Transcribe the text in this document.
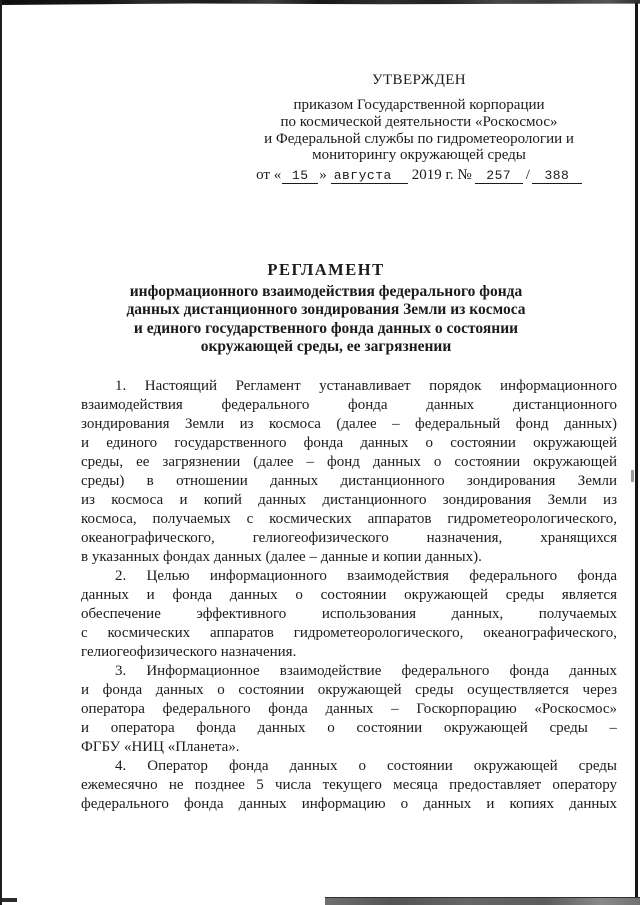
УТВЕРЖДЕН
приказом Государственной корпорации
по космической деятельности «Роскосмос»
и Федеральной службы по гидрометеорологии и
мониторингу окружающей среды
от « 15 » августа 2019 г. № 257 / 388
РЕГЛАМЕНТ
информационного взаимодействия федерального фонда
данных дистанционного зондирования Земли из космоса
и единого государственного фонда данных о состоянии
окружающей среды, ее загрязнении
1. Настоящий Регламент устанавливает порядок информационного
взаимодействия федерального фонда данных дистанционного
зондирования Земли из космоса (далее – федеральный фонд данных)
и единого государственного фонда данных о состоянии окружающей
среды, ее загрязнении (далее – фонд данных о состоянии окружающей
среды) в отношении данных дистанционного зондирования Земли
из космоса и копий данных дистанционного зондирования Земли из
космоса, получаемых с космических аппаратов гидрометеорологического,
океанографического, гелиогеофизического назначения, хранящихся
в указанных фондах данных (далее – данные и копии данных).
2. Целью информационного взаимодействия федерального фонда
данных и фонда данных о состоянии окружающей среды является
обеспечение эффективного использования данных, получаемых
с космических аппаратов гидрометеорологического, океанографического,
гелиогеофизического назначения.
3. Информационное взаимодействие федерального фонда данных
и фонда данных о состоянии окружающей среды осуществляется через
оператора федерального фонда данных – Госкорпорацию «Роскосмос»
и оператора фонда данных о состоянии окружающей среды –
ФГБУ «НИЦ «Планета».
4. Оператор фонда данных о состоянии окружающей среды
ежемесячно не позднее 5 числа текущего месяца предоставляет оператору
федерального фонда данных информацию о данных и копиях данных
